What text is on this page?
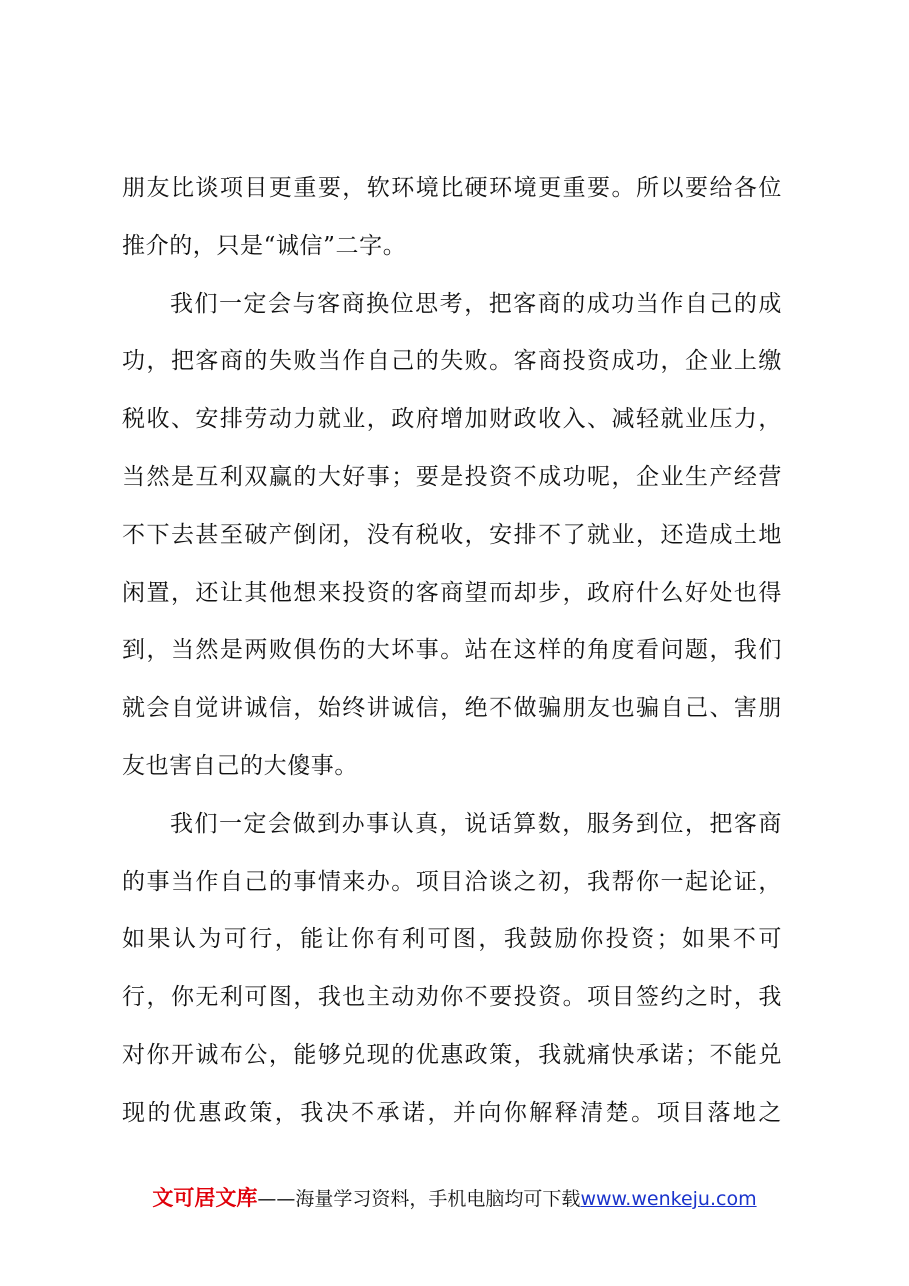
朋友比谈项目更重要，软环境比硬环境更重要。所以要给各位
推介的，只是“诚信”二字。
我们一定会与客商换位思考，把客商的成功当作自己的成
功，把客商的失败当作自己的失败。客商投资成功，企业上缴
税收、安排劳动力就业，政府增加财政收入、减轻就业压力，
当然是互利双赢的大好事；要是投资不成功呢，企业生产经营
不下去甚至破产倒闭，没有税收，安排不了就业，还造成土地
闲置，还让其他想来投资的客商望而却步，政府什么好处也得
到，当然是两败俱伤的大坏事。站在这样的角度看问题，我们
就会自觉讲诚信，始终讲诚信，绝不做骗朋友也骗自己、害朋
友也害自己的大傻事。
我们一定会做到办事认真，说话算数，服务到位，把客商
的事当作自己的事情来办。项目洽谈之初，我帮你一起论证，
如果认为可行，能让你有利可图，我鼓励你投资；如果不可
行，你无利可图，我也主动劝你不要投资。项目签约之时，我
对你开诚布公，能够兑现的优惠政策，我就痛快承诺；不能兑
现的优惠政策，我决不承诺，并向你解释清楚。项目落地之
文可居文库——海量学习资料，手机电脑均可下载www.wenkeju.com
